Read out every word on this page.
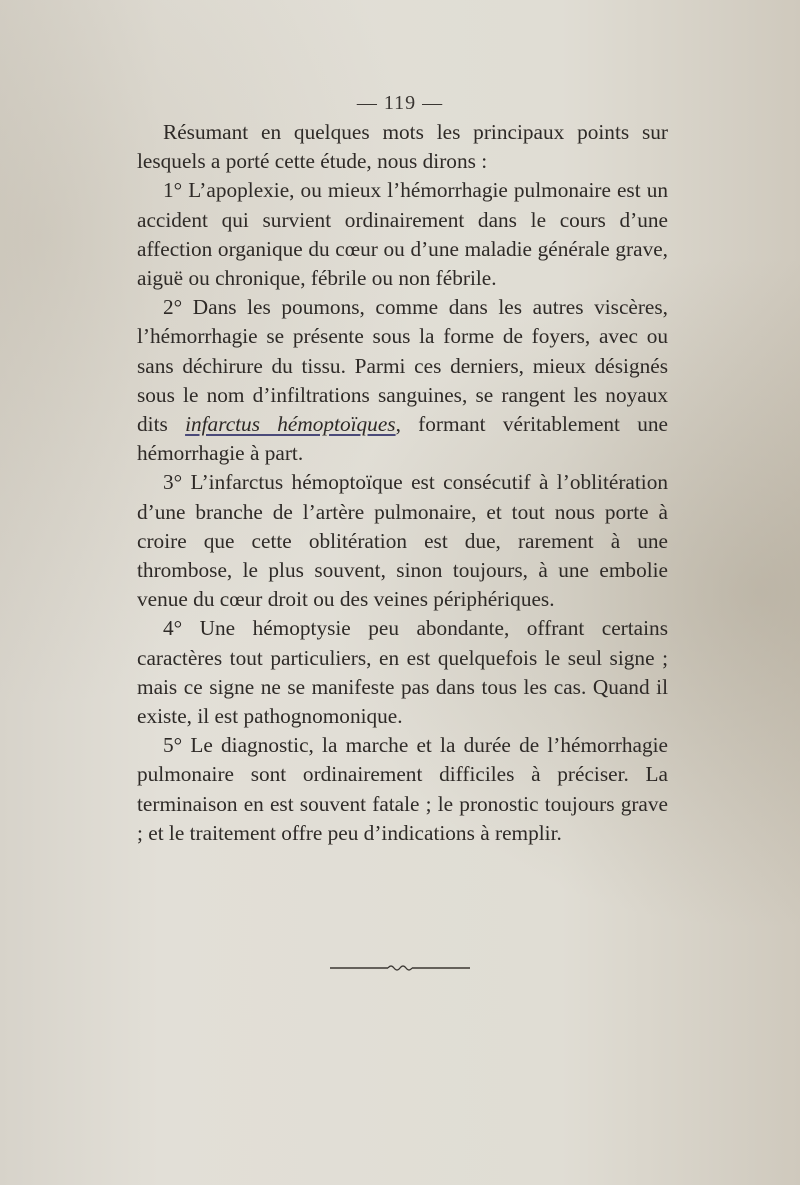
— 119 —

Résumant en quelques mots les principaux points sur lesquels a porté cette étude, nous dirons :

1° L’apoplexie, ou mieux l’hémorrhagie pulmonaire est un accident qui survient ordinairement dans le cours d’une affection organique du cœur ou d’une maladie générale grave, aiguë ou chronique, fébrile ou non fébrile.

2° Dans les poumons, comme dans les autres viscères, l’hémorrhagie se présente sous la forme de foyers, avec ou sans déchirure du tissu. Parmi ces derniers, mieux désignés sous le nom d’infiltrations sanguines, se rangent les noyaux dits infarctus hémoptoïques, formant véritablement une hémorrhagie à part.

3° L’infarctus hémoptoïque est consécutif à l’oblitération d’une branche de l’artère pulmonaire, et tout nous porte à croire que cette oblitération est due, rarement à une thrombose, le plus souvent, sinon toujours, à une embolie venue du cœur droit ou des veines périphériques.

4° Une hémoptysie peu abondante, offrant certains caractères tout particuliers, en est quelquefois le seul signe ; mais ce signe ne se manifeste pas dans tous les cas. Quand il existe, il est pathognomonique.

5° Le diagnostic, la marche et la durée de l’hémorrhagie pulmonaire sont ordinairement difficiles à préciser. La terminaison en est souvent fatale ; le pronostic toujours grave ; et le traitement offre peu d’indications à remplir.
